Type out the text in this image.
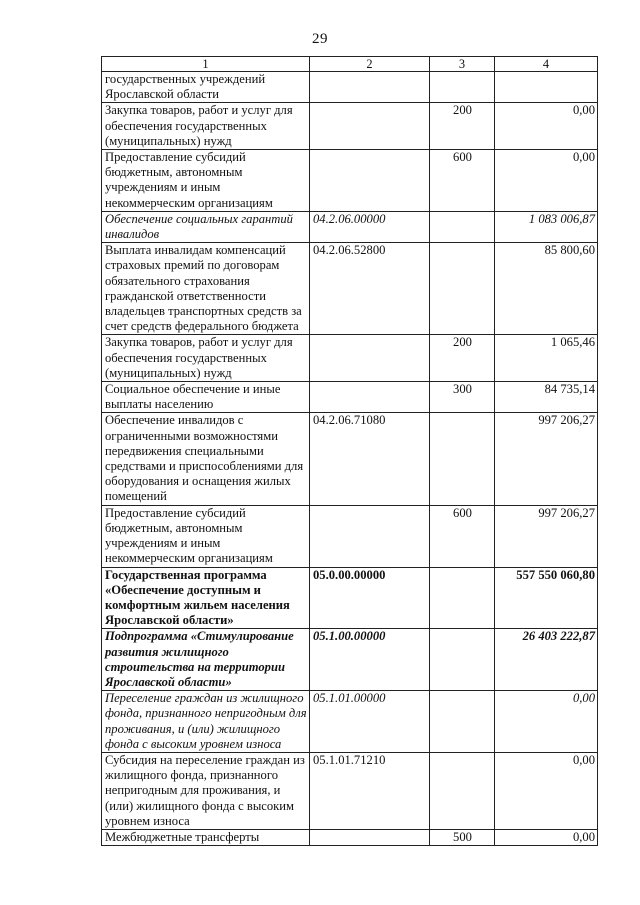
29
1	2	3	4
государственных учреждений Ярославской области			
Закупка товаров, работ и услуг для обеспечения государственных (муниципальных) нужд		200	0,00
Предоставление субсидий бюджетным, автономным учреждениям и иным некоммерческим организациям		600	0,00
Обеспечение социальных гарантий инвалидов	04.2.06.00000		1 083 006,87
Выплата инвалидам компенсаций страховых премий по договорам обязательного страхования гражданской ответственности владельцев транспортных средств за счет средств федерального бюджета	04.2.06.52800		85 800,60
Закупка товаров, работ и услуг для обеспечения государственных (муниципальных) нужд		200	1 065,46
Социальное обеспечение и иные выплаты населению		300	84 735,14
Обеспечение инвалидов с ограниченными возможностями передвижения специальными средствами и приспособлениями для оборудования и оснащения жилых помещений	04.2.06.71080		997 206,27
Предоставление субсидий бюджетным, автономным учреждениям и иным некоммерческим организациям		600	997 206,27
Государственная программа «Обеспечение доступным и комфортным жильем населения Ярославской области»	05.0.00.00000		557 550 060,80
Подпрограмма «Стимулирование развития жилищного строительства на территории Ярославской области»	05.1.00.00000		26 403 222,87
Переселение граждан из жилищного фонда, признанного непригодным для проживания, и (или) жилищного фонда с высоким уровнем износа	05.1.01.00000		0,00
Субсидия на переселение граждан из жилищного фонда, признанного непригодным для проживания, и (или) жилищного фонда с высоким уровнем износа	05.1.01.71210		0,00
Межбюджетные трансферты		500	0,00
